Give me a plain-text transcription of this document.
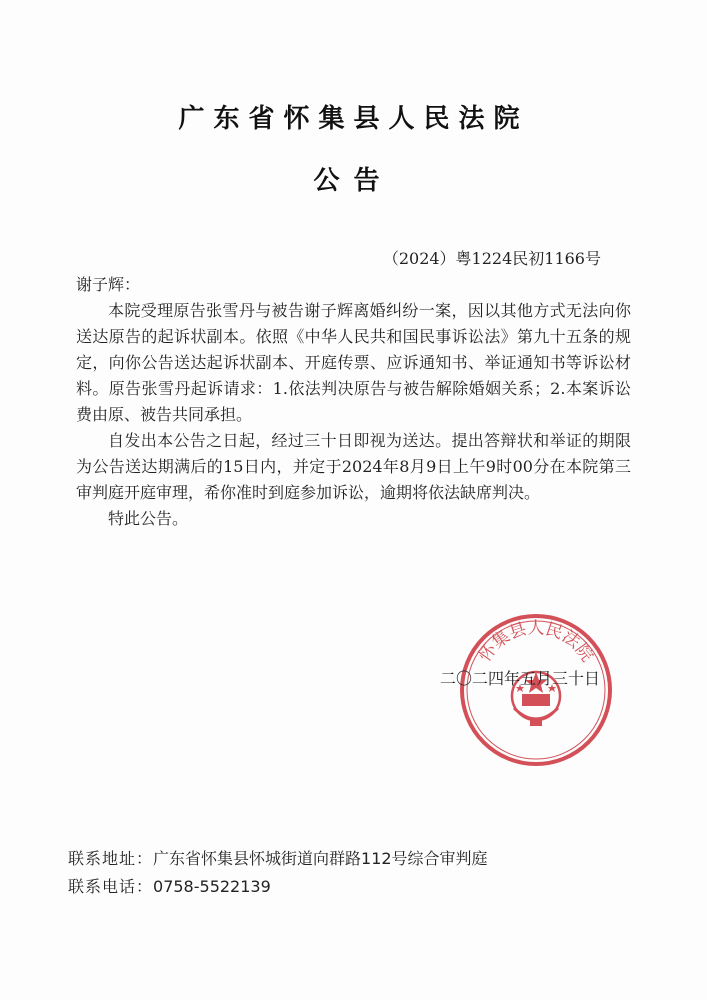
广东省怀集县人民法院
公告
（2024）粤1224民初1166号
谢子辉：

本院受理原告张雪丹与被告谢子辉离婚纠纷一案，因以其他方式无法向你送达原告的起诉状副本。依照《中华人民共和国民事诉讼法》第九十五条的规定，向你公告送达起诉状副本、开庭传票、应诉通知书、举证通知书等诉讼材料。原告张雪丹起诉请求：1.依法判决原告与被告解除婚姻关系；2.本案诉讼费由原、被告共同承担。

自发出本公告之日起，经过三十日即视为送达。提出答辩状和举证的期限为公告送达期满后的15日内，并定于2024年8月9日上午9时00分在本院第三审判庭开庭审理，希你准时到庭参加诉讼，逾期将依法缺席判决。

特此公告。

怀集县人民法院
二〇二四年五月三十日
联系地址：广东省怀集县怀城街道向群路112号综合审判庭
联系电话：0758-5522139
